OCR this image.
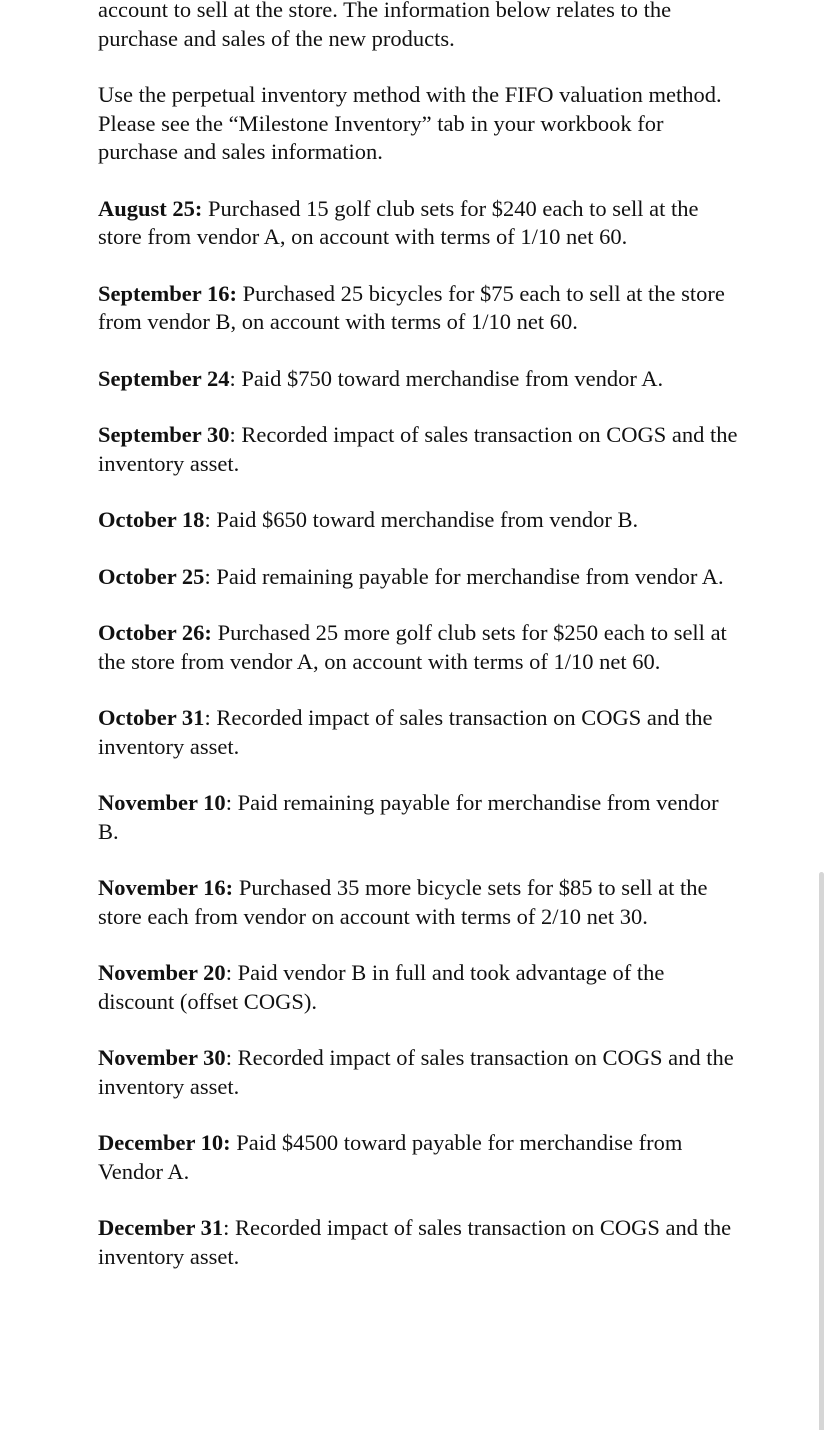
account to sell at the store. The information below relates to the purchase and sales of the new products.

Use the perpetual inventory method with the FIFO valuation method. Please see the “Milestone Inventory” tab in your workbook for purchase and sales information.

August 25: Purchased 15 golf club sets for $240 each to sell at the store from vendor A, on account with terms of 1/10 net 60.

September 16: Purchased 25 bicycles for $75 each to sell at the store from vendor B, on account with terms of 1/10 net 60.

September 24: Paid $750 toward merchandise from vendor A.

September 30: Recorded impact of sales transaction on COGS and the inventory asset.

October 18: Paid $650 toward merchandise from vendor B.

October 25: Paid remaining payable for merchandise from vendor A.

October 26: Purchased 25 more golf club sets for $250 each to sell at the store from vendor A, on account with terms of 1/10 net 60.

October 31: Recorded impact of sales transaction on COGS and the inventory asset.

November 10: Paid remaining payable for merchandise from vendor B.

November 16: Purchased 35 more bicycle sets for $85 to sell at the store each from vendor on account with terms of 2/10 net 30.

November 20: Paid vendor B in full and took advantage of the discount (offset COGS).

November 30: Recorded impact of sales transaction on COGS and the inventory asset.

December 10: Paid $4500 toward payable for merchandise from Vendor A.

December 31: Recorded impact of sales transaction on COGS and the inventory asset.
